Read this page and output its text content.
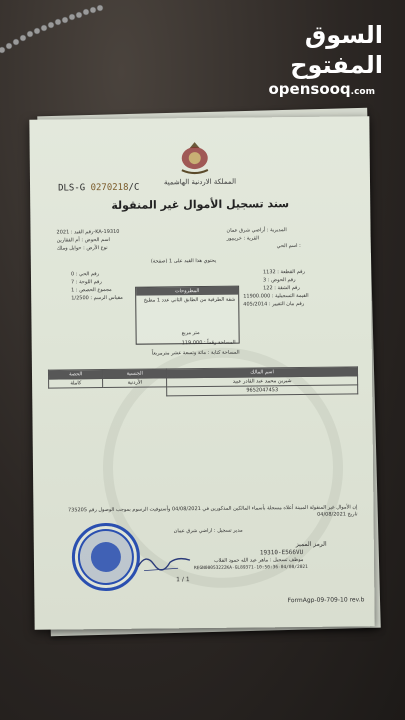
السوق المفتوح
opensooq.com
المملكة الاردنية الهاشمية
DLS-G 0270218/C
سند تسجيل الأموال غير المنقولة
رقم القيد : 2021-KA-19310
اسم الحوض : أم الفقارين
نوع الأرض : حوايل وملك
المديرية : أراضي شرق عمان
القرية : خريبيور
اسم الحي :
يحتوي هذا القيد على 1 (صفحة)
رقم القطعة : 1132
رقم الحوض : 3
رقم الشقة : 122
القيمة التسجيلية : 11900.000
رقم بيان التغيير : 405/2014
رقم الحي : 0
رقم اللوحة : 7
مجموع الحصص : 1
مقياس الرسم : 1/2500
المطروحات
شقة الطرفية من الطابق الثاني عدد 1 مطبخ
متر مربع
المساحة رقماً : 119.000
المساحة كتابة : مائة وتسعة عشر مترمربعاً
الحصة	الجنسية	اسم المالك
كاملة	الأردنية	شيرين محمد عبد القادر عبيد
		9652047453
إن الأموال غير المنقولة المبينة أعلاه مسجلة بأسماء المالكين المذكورين في 04/08/2021 وأستوفيت الرسوم بموجب الوصول رقم 735205 تاريخ 04/08/2021
مدير تسجيل : اراضي شرق عمان
الرمز المميز
19310-E566VU
موظف تسجيل : ماهر عبد الله حمود القلاب
REGN00053222KA-GL89371-10:50:36-04/08/2021
1 / 1
FormAgp-09-709-10 rev.b
